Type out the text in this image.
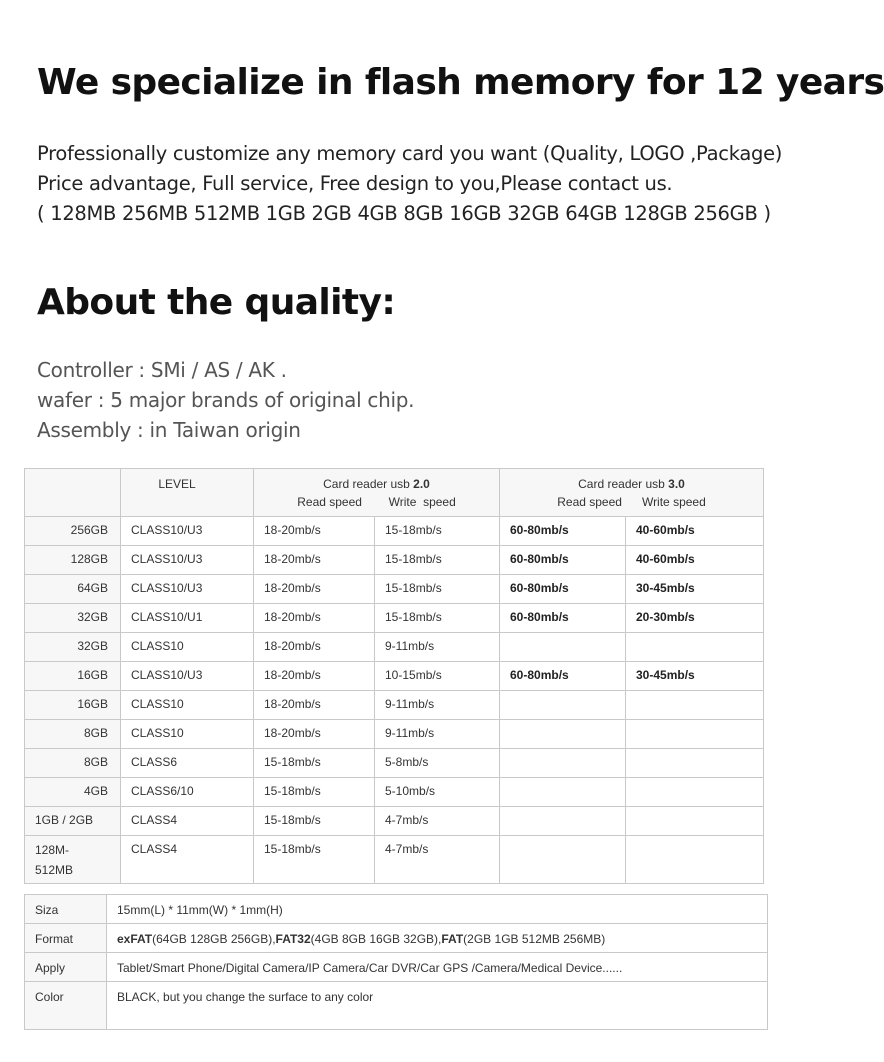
We specialize in flash memory for 12 years
Professionally customize any memory card you want (Quality, LOGO ,Package)
Price advantage, Full service, Free design to you,Please contact us.
( 128MB 256MB 512MB 1GB 2GB 4GB 8GB 16GB 32GB 64GB 128GB 256GB )
About the quality:
Controller : SMi / AS / AK .
wafer : 5 major brands of original chip.
Assembly : in Taiwan origin
	LEVEL	Card reader usb 2.0
Read speed        Write  speed		Card reader usb 3.0
Read speed      Write speed	

256GB	CLASS10/U3	18-20mb/s	15-18mb/s	60-80mb/s	40-60mb/s
128GB	CLASS10/U3	18-20mb/s	15-18mb/s	60-80mb/s	40-60mb/s
64GB	CLASS10/U3	18-20mb/s	15-18mb/s	60-80mb/s	30-45mb/s
32GB	CLASS10/U1	18-20mb/s	15-18mb/s	60-80mb/s	20-30mb/s
32GB	CLASS10	18-20mb/s	9-11mb/s		
16GB	CLASS10/U3	18-20mb/s	10-15mb/s	60-80mb/s	30-45mb/s
16GB	CLASS10	18-20mb/s	9-11mb/s		
8GB	CLASS10	18-20mb/s	9-11mb/s		
8GB	CLASS6	15-18mb/s	5-8mb/s		
4GB	CLASS6/10	15-18mb/s	5-10mb/s		
1GB / 2GB	CLASS4	15-18mb/s	4-7mb/s		
128M-
512MB	CLASS4	15-18mb/s	4-7mb/s		
Siza	15mm(L) * 11mm(W) * 1mm(H)
Format	exFAT(64GB 128GB 256GB),FAT32(4GB 8GB 16GB 32GB),FAT(2GB 1GB 512MB 256MB)
Apply	Tablet/Smart Phone/Digital Camera/IP Camera/Car DVR/Car GPS /Camera/Medical Device......
Color	BLACK, but you change the surface to any color
